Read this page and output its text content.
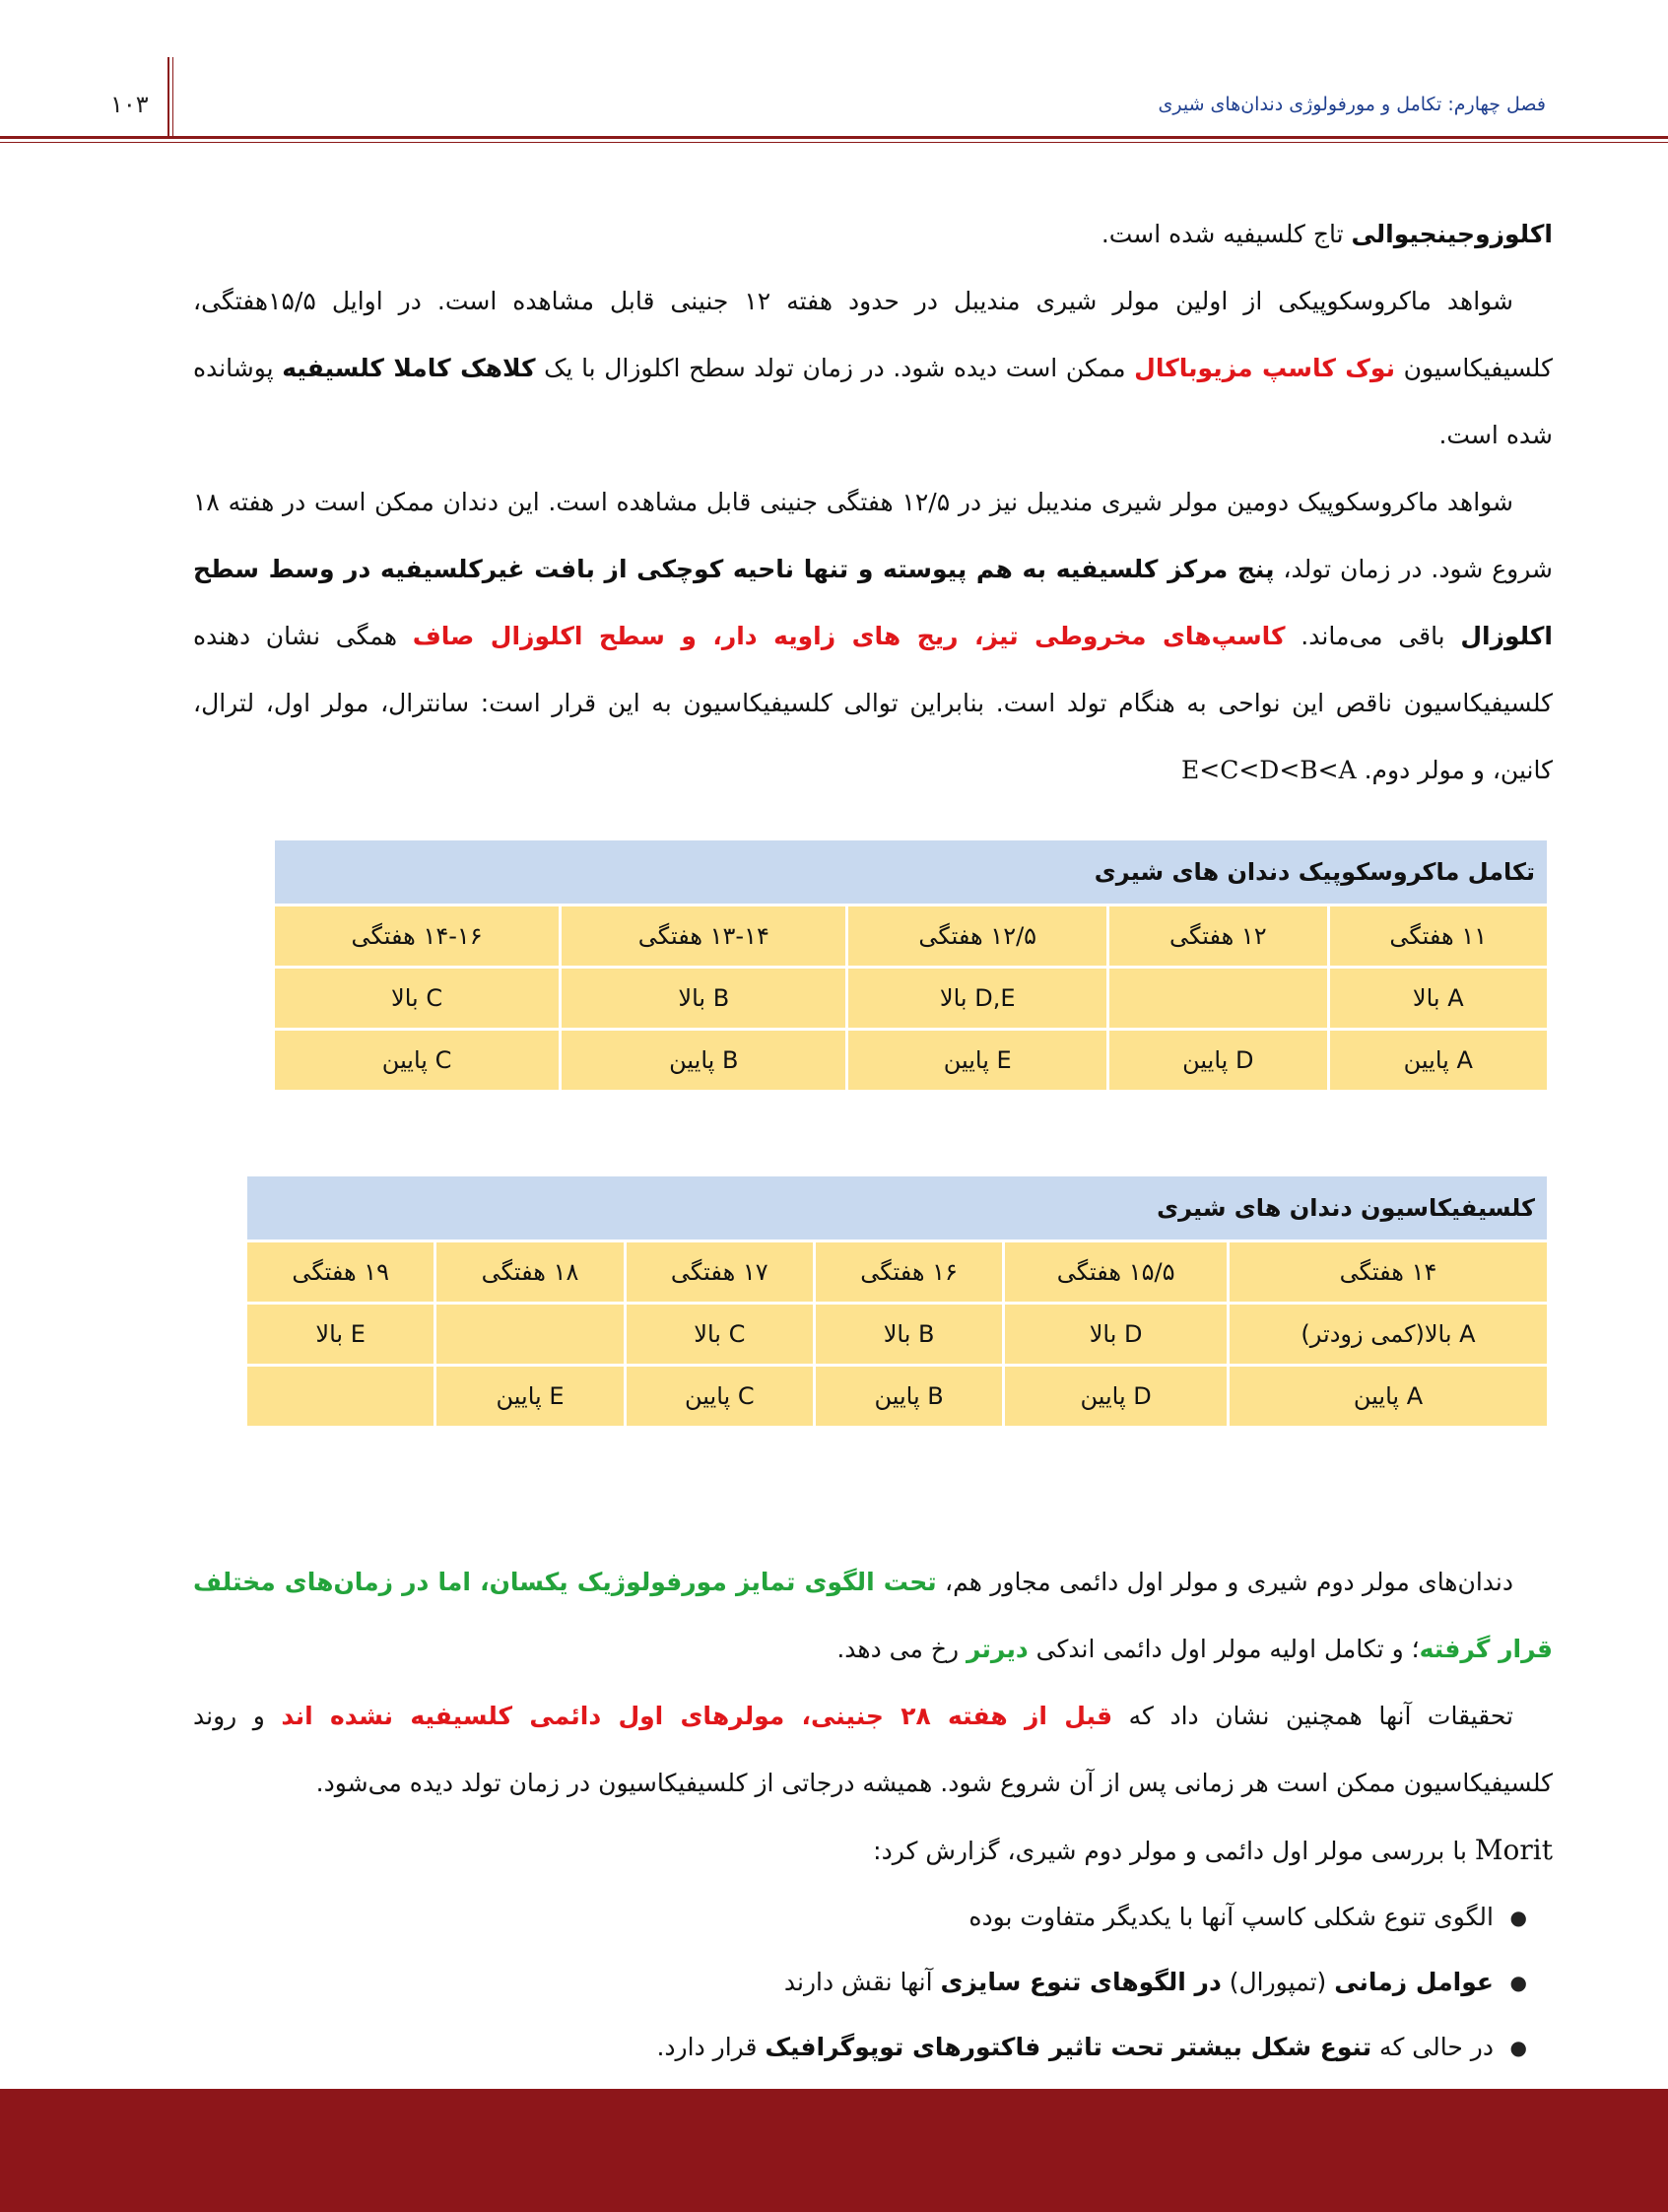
۱۰۳	فصل چهارم: تکامل و مورفولوژی دندان‌های شیری

اکلوزوجینجیوالی تاج کلسیفیه شده است.

شواهد ماکروسکوپیکی از اولین مولر شیری مندیبل در حدود هفته ۱۲ جنینی قابل مشاهده است. در اوایل ۱۵/۵هفتگی، کلسیفیکاسیون نوک کاسپ مزیوباکال ممکن است دیده شود. در زمان تولد سطح اکلوزال با یک کلاهک کاملا کلسیفیه پوشانده شده است.

شواهد ماکروسکوپیک دومین مولر شیری مندیبل نیز در ۱۲/۵ هفتگی جنینی قابل مشاهده است. این دندان ممکن است در هفته ۱۸ شروع شود. در زمان تولد، پنج مرکز کلسیفیه به هم پیوسته و تنها ناحیه کوچکی از بافت غیرکلسیفیه در وسط سطح اکلوزال باقی می‌ماند. کاسپ‌های مخروطی تیز، ریج های زاویه دار، و سطح اکلوزال صاف همگی نشان دهنده کلسیفیکاسیون ناقص این نواحی به هنگام تولد است. بنابراین توالی کلسیفیکاسیون به این قرار است: سانترال، مولر اول، لترال، کانین، و مولر دوم. E<C<D<B<A

تکامل ماکروسکوپیک دندان های شیری				
۱۱ هفتگی	۱۲ هفتگی	۱۲/۵ هفتگی	۱۳-۱۴ هفتگی	۱۴-۱۶ هفتگی
A بالا		D,E بالا	B بالا	C بالا
A پایین	D پایین	E پایین	B پایین	C پایین
کلسیفیکاسیون دندان های شیری					
۱۴ هفتگی	۱۵/۵ هفتگی	۱۶ هفتگی	۱۷ هفتگی	۱۸ هفتگی	۱۹ هفتگی
A بالا(کمی زودتر)	D بالا	B بالا	C بالا		E بالا
A پایین	D پایین	B پایین	C پایین	E پایین	

دندان‌های مولر دوم شیری و مولر اول دائمی مجاور هم، تحت الگوی تمایز مورفولوژیک یکسان، اما در زمان‌های مختلف قرار گرفته؛ و تکامل اولیه مولر اول دائمی اندکی دیرتر رخ می دهد.

تحقیقات آنها همچنین نشان داد که قبل از هفته ۲۸ جنینی، مولرهای اول دائمی کلسیفیه نشده اند و روند کلسیفیکاسیون ممکن است هر زمانی پس از آن شروع شود. همیشه درجاتی از کلسیفیکاسیون در زمان تولد دیده می‌شود.

Morit با بررسی مولر اول دائمی و مولر دوم شیری، گزارش کرد:

● الگوی تنوع شکلی کاسپ آنها با یکدیگر متفاوت بوده
● عوامل زمانی (تمپورال) در الگوهای تنوع سایزی آنها نقش دارند
● در حالی که تنوع شکل بیشتر تحت تاثیر فاکتورهای توپوگرافیک قرار دارد.
